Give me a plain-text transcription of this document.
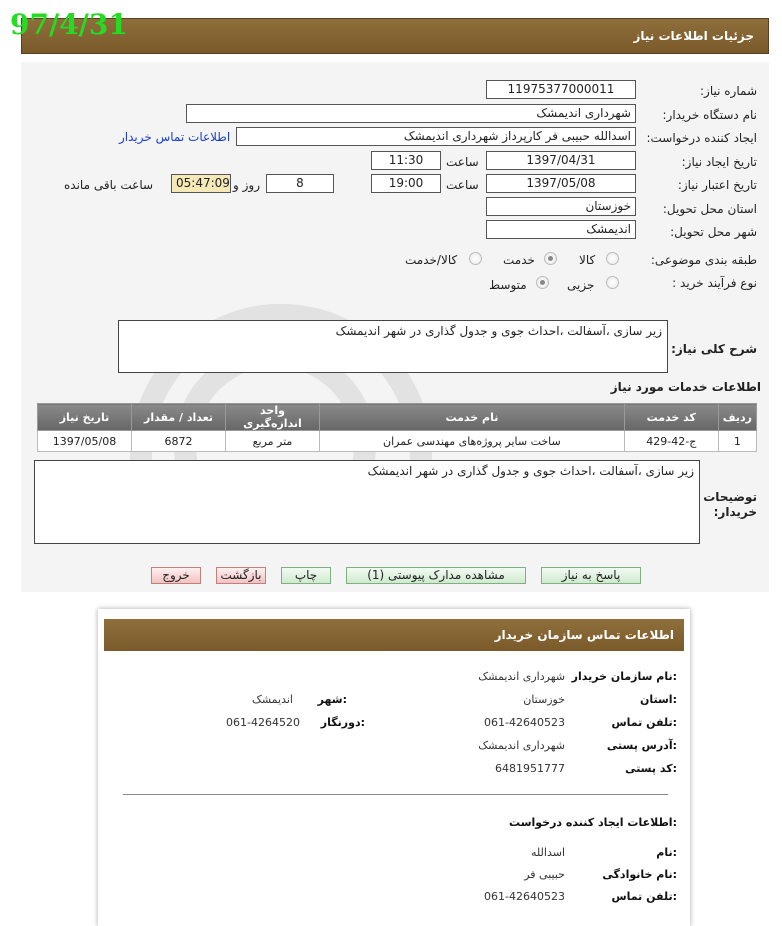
97/4/31	جزئیات اطلاعات نیاز
شماره نیاز:
11975377000011
نام دستگاه خریدار:
شهرداری اندیمشک
ایجاد کننده درخواست:
اسدالله حبیبی فر کارپرداز شهرداری اندیمشک
اطلاعات تماس خریدار
تاریخ ایجاد نیاز:
1397/04/31
ساعت
11:30
تاریخ اعتبار نیاز:
1397/05/08
ساعت
19:00
8
روز و
05:47:09
ساعت باقی مانده
استان محل تحویل:
خوزستان
شهر محل تحویل:
اندیمشک
طبقه بندی موضوعی:
کالا
خدمت
کالا/خدمت
نوع فرآیند خرید :
جزیی
متوسط
شرح کلی نیاز:
زیر سازی ،آسفالت ،احداث جوی و جدول گذاری در شهر اندیمشک
اطلاعات خدمات مورد نیاز
تاریخ نیاز	تعداد / مقدار	واحد اندازه‌گیری	نام خدمت	کد خدمت	ردیف
1397/05/08	6872	متر مربع	ساخت سایر پروژه‌های مهندسی عمران	ج-42-429	1
توضیحات
خریدار:
زیر سازی ،آسفالت ،احداث جوی و جدول گذاری در شهر اندیمشک
پاسخ به نیاز
مشاهده مدارک پیوستی (1)
چاپ
بازگشت
خروج
اطلاعات تماس سازمان خریدار
نام سازمان خریدار:
شهرداری اندیمشک
استان:
خوزستان
شهر:
اندیمشک
تلفن تماس:
061-42640523
دورنگار:
061-4264520
آدرس پستی:
شهرداری اندیمشک
کد پستی:
6481951777
اطلاعات ایجاد کننده درخواست:
نام:
اسدالله
نام خانوادگی:
حبیبی فر
تلفن تماس:
061-42640523
